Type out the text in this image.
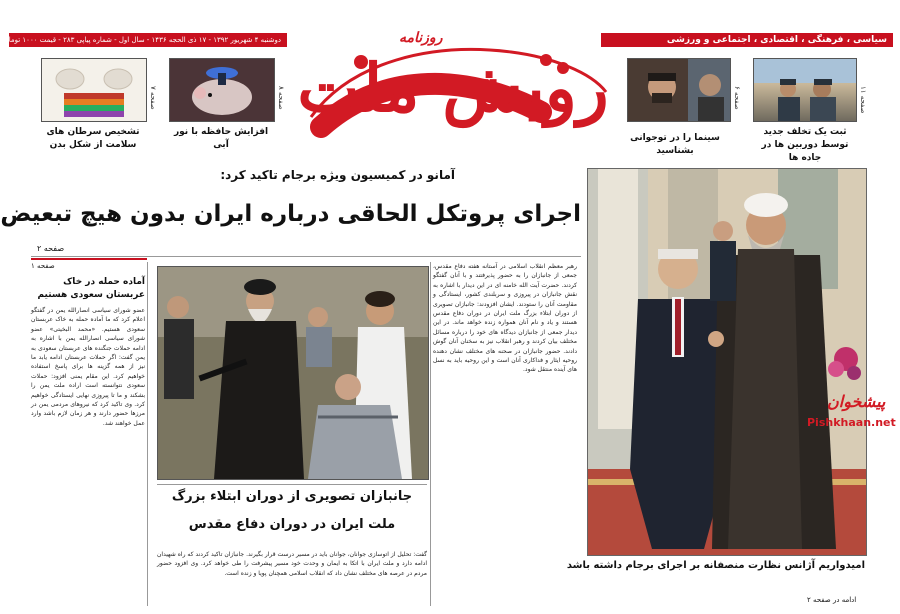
سیاسی ، فرهنگی ، اقتصادی ، اجتماعی و ورزشی
دوشنبه ۴ شهریور ۱۳۹۲ - ۱۷ ذی الحجه ۱۴۳۶ - سال اول - شماره پیاپی ۲۸۳ - قیمت ۱۰۰۰ تومان
ثبت یک تخلف جدید توسط دوربین ها در جاده ها
صفحه ۱۱
سینما را در توجوانی بشناسید
صفحه ۶
افزایش حافظه با نور آبی
صفحه ۸
تشخیص سرطان های سلامت از شکل بدن
صفحه ۷
روزنامه
رویش ملت
آمانو در کمیسیون ویژه برجام تاکید کرد:
اجرای پروتکل الحاقی درباره ایران بدون هیچ تبعیض
صفحه ۲
پیشخوان
Pishkhaan.net
امیدواریم آژانس نظارت منصفانه بر اجرای برجام داشته باشد
ادامه در صفحه ۲
رهبر معظم انقلاب اسلامی در آستانه هفته دفاع مقدس، جمعی از جانبازان را به حضور پذیرفتند و با آنان گفتگو کردند. حضرت آیت الله خامنه ای در این دیدار با اشاره به نقش جانبازان در پیروزی و سربلندی کشور، ایستادگی و مقاومت آنان را ستودند. ایشان افزودند: جانبازان تصویری از دوران ابتلاء بزرگ ملت ایران در دوران دفاع مقدس هستند و یاد و نام آنان همواره زنده خواهد ماند. در این دیدار جمعی از جانبازان دیدگاه های خود را درباره مسائل مختلف بیان کردند و رهبر انقلاب نیز به سخنان آنان گوش دادند. حضور جانبازان در صحنه های مختلف نشان دهنده روحیه ایثار و فداکاری آنان است و این روحیه باید به نسل های آینده منتقل شود.
جانبازان تصویری از دوران ابتلاء بزرگ
ملت ایران در دوران دفاع مقدس
گفت: تحلیل از اتوسازی جوانان، جوانان باید در مسیر درست قرار بگیرند. جانبازان تاکید کردند که راه شهیدان ادامه دارد و ملت ایران با اتکا به ایمان و وحدت خود مسیر پیشرفت را طی خواهد کرد. وی افزود حضور مردم در عرصه های مختلف نشان داد که انقلاب اسلامی همچنان پویا و زنده است.
آماده حمله در خاک عربستان سعودی هستیم
عضو شورای سیاسی انصارالله یمن در گفتگو اعلام کرد که ما آماده حمله به خاک عربستان سعودی هستیم. «محمد البخیتی» عضو شورای سیاسی انصارالله یمن با اشاره به ادامه حملات جنگنده های عربستان سعودی به یمن گفت: اگر حملات عربستان ادامه یابد ما نیز از همه گزینه ها برای پاسخ استفاده خواهیم کرد. این مقام یمنی افزود: حملات سعودی نتوانسته است اراده ملت یمن را بشکند و ما تا پیروزی نهایی ایستادگی خواهیم کرد. وی تاکید کرد که نیروهای مردمی یمن در مرزها حضور دارند و هر زمان لازم باشد وارد عمل خواهند شد.
صفحه ۱
